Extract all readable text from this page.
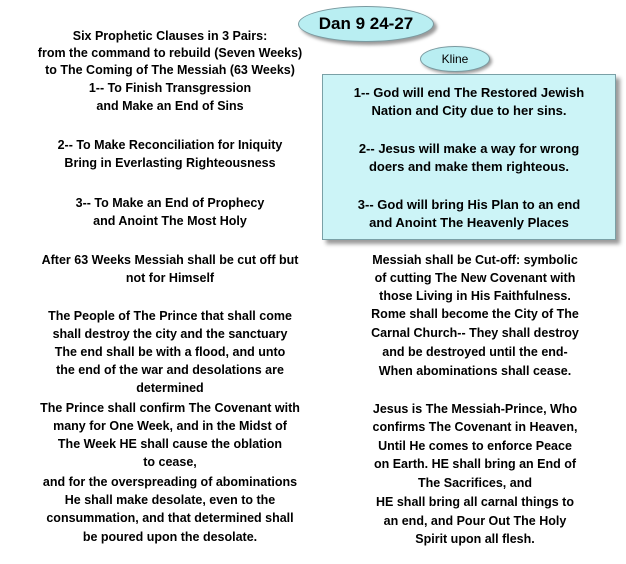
Dan 9 24-27
Kline
1-- God will end The Restored Jewish
Nation and City due to her sins.
2-- Jesus will make a way for wrong
doers and make them righteous.
3-- God will bring His Plan to an end
and Anoint The Heavenly Places
Six Prophetic Clauses in 3 Pairs:
from the command to rebuild (Seven Weeks)
to The Coming of The Messiah (63 Weeks)
1-- To Finish Transgression
and Make an End of Sins
2-- To Make Reconciliation for Iniquity
Bring in Everlasting Righteousness
3-- To Make an End of Prophecy
and Anoint The Most Holy
After 63 Weeks Messiah shall be cut off but
not for Himself
The People of The Prince that shall come
shall destroy the city and the sanctuary
The end shall be with a flood, and unto
the end of the war and desolations are
determined
The Prince shall confirm The Covenant with
many for One Week, and in the Midst of
The Week HE shall cause the oblation
to cease,
and for the overspreading of abominations
He shall make desolate, even to the
consummation, and that determined shall
be poured upon the desolate.
Messiah shall be Cut-off: symbolic
of cutting The New Covenant with
those Living in His Faithfulness.
Rome shall become the City of The
Carnal Church-- They shall destroy
and be destroyed until the end-
When abominations shall cease.
Jesus is The Messiah-Prince, Who
confirms The Covenant in Heaven,
Until He comes to enforce Peace
on Earth. HE shall bring an End of
The Sacrifices, and
HE shall bring all carnal things to
an end, and Pour Out The Holy
Spirit upon all flesh.
